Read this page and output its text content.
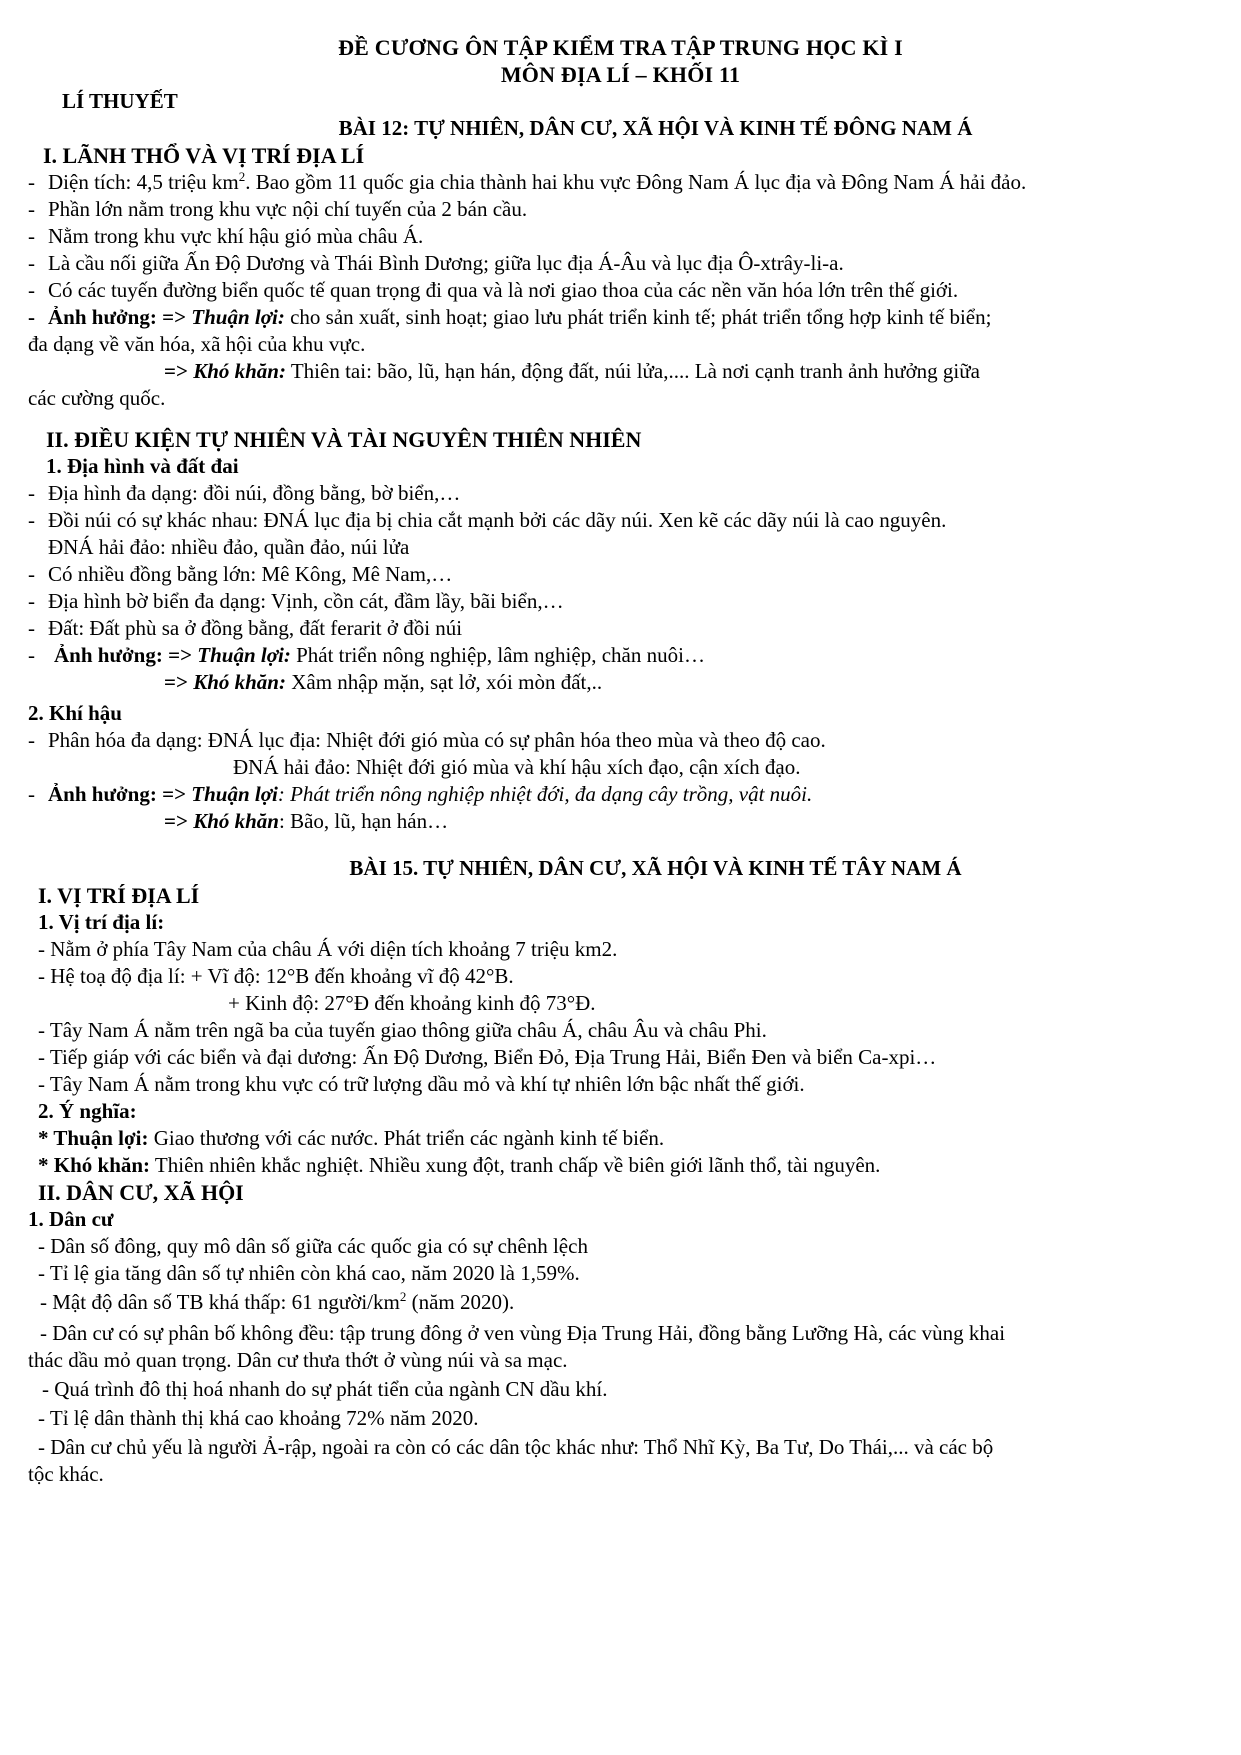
ĐỀ CƯƠNG ÔN TẬP KIỂM TRA TẬP TRUNG HỌC KÌ I
MÔN ĐỊA LÍ – KHỐI 11
LÍ THUYẾT
BÀI 12: TỰ NHIÊN, DÂN CƯ, XÃ HỘI VÀ KINH TẾ ĐÔNG NAM Á
I. LÃNH THỔ VÀ VỊ TRÍ ĐỊA LÍ
- Diện tích: 4,5 triệu $km^2$. Bao gồm 11 quốc gia chia thành hai khu vực Đông Nam Á lục địa và Đông Nam Á hải đảo.
- Phần lớn nằm trong khu vực nội chí tuyến của 2 bán cầu.
- Nằm trong khu vực khí hậu gió mùa châu Á.
- Là cầu nối giữa Ấn Độ Dương và Thái Bình Dương; giữa lục địa Á-Âu và lục địa Ô-xtrây-li-a.
- Có các tuyến đường biển quốc tế quan trọng đi qua và là nơi giao thoa của các nền văn hóa lớn trên thế giới.
- Ảnh hưởng: => Thuận lợi: cho sản xuất, sinh hoạt; giao lưu phát triển kinh tế; phát triển tổng hợp kinh tế biển;
đa dạng về văn hóa, xã hội của khu vực.
=> Khó khăn: Thiên tai: bão, lũ, hạn hán, động đất, núi lửa,.... Là nơi cạnh tranh ảnh hưởng giữa
các cường quốc.
II. ĐIỀU KIỆN TỰ NHIÊN VÀ TÀI NGUYÊN THIÊN NHIÊN
1. Địa hình và đất đai
- Địa hình đa dạng: đồi núi, đồng bằng, bờ biển,…
- Đồi núi có sự khác nhau: ĐNÁ lục địa bị chia cắt mạnh bởi các dãy núi. Xen kẽ các dãy núi là cao nguyên.
ĐNÁ hải đảo: nhiều đảo, quần đảo, núi lửa
- Có nhiều đồng bằng lớn: Mê Kông, Mê Nam,…
- Địa hình bờ biển đa dạng: Vịnh, cồn cát, đầm lầy, bãi biển,…
- Đất: Đất phù sa ở đồng bằng, đất ferarit ở đồi núi
- Ảnh hưởng: => Thuận lợi: Phát triển nông nghiệp, lâm nghiệp, chăn nuôi…
=> Khó khăn: Xâm nhập mặn, sạt lở, xói mòn đất,..
2. Khí hậu
- Phân hóa đa dạng: ĐNÁ lục địa: Nhiệt đới gió mùa có sự phân hóa theo mùa và theo độ cao.
ĐNÁ hải đảo: Nhiệt đới gió mùa và khí hậu xích đạo, cận xích đạo.
- Ảnh hưởng: => Thuận lợi: Phát triển nông nghiệp nhiệt đới, đa dạng cây trồng, vật nuôi.
=> Khó khăn: Bão, lũ, hạn hán…
BÀI 15. TỰ NHIÊN, DÂN CƯ, XÃ HỘI VÀ KINH TẾ TÂY NAM Á
I. VỊ TRÍ ĐỊA LÍ
1. Vị trí địa lí:
- Nằm ở phía Tây Nam của châu Á với diện tích khoảng 7 triệu km2.
- Hệ toạ độ địa lí: + Vĩ độ: 12°B đến khoảng vĩ độ 42°B.
+ Kinh độ: 27°Đ đến khoảng kinh độ 73°Đ.
- Tây Nam Á nằm trên ngã ba của tuyến giao thông giữa châu Á, châu Âu và châu Phi.
- Tiếp giáp với các biển và đại dương: Ấn Độ Dương, Biển Đỏ, Địa Trung Hải, Biển Đen và biển Ca-xpi…
- Tây Nam Á nằm trong khu vực có trữ lượng dầu mỏ và khí tự nhiên lớn bậc nhất thế giới.
2. Ý nghĩa:
* Thuận lợi: Giao thương với các nước. Phát triển các ngành kinh tế biển.
* Khó khăn: Thiên nhiên khắc nghiệt. Nhiều xung đột, tranh chấp về biên giới lãnh thổ, tài nguyên.
II. DÂN CƯ, XÃ HỘI
1. Dân cư
- Dân số đông, quy mô dân số giữa các quốc gia có sự chênh lệch
- Tỉ lệ gia tăng dân số tự nhiên còn khá cao, năm 2020 là 1,59%.
- Mật độ dân số TB khá thấp: 61 người/$km^2$ (năm 2020).
- Dân cư có sự phân bố không đều: tập trung đông ở ven vùng Địa Trung Hải, đồng bằng Lưỡng Hà, các vùng khai
thác dầu mỏ quan trọng. Dân cư thưa thớt ở vùng núi và sa mạc.
- Quá trình đô thị hoá nhanh do sự phát tiển của ngành CN dầu khí.
- Tỉ lệ dân thành thị khá cao khoảng 72% năm 2020.
- Dân cư chủ yếu là người Ả-rập, ngoài ra còn có các dân tộc khác như: Thổ Nhĩ Kỳ, Ba Tư, Do Thái,... và các bộ
tộc khác.
